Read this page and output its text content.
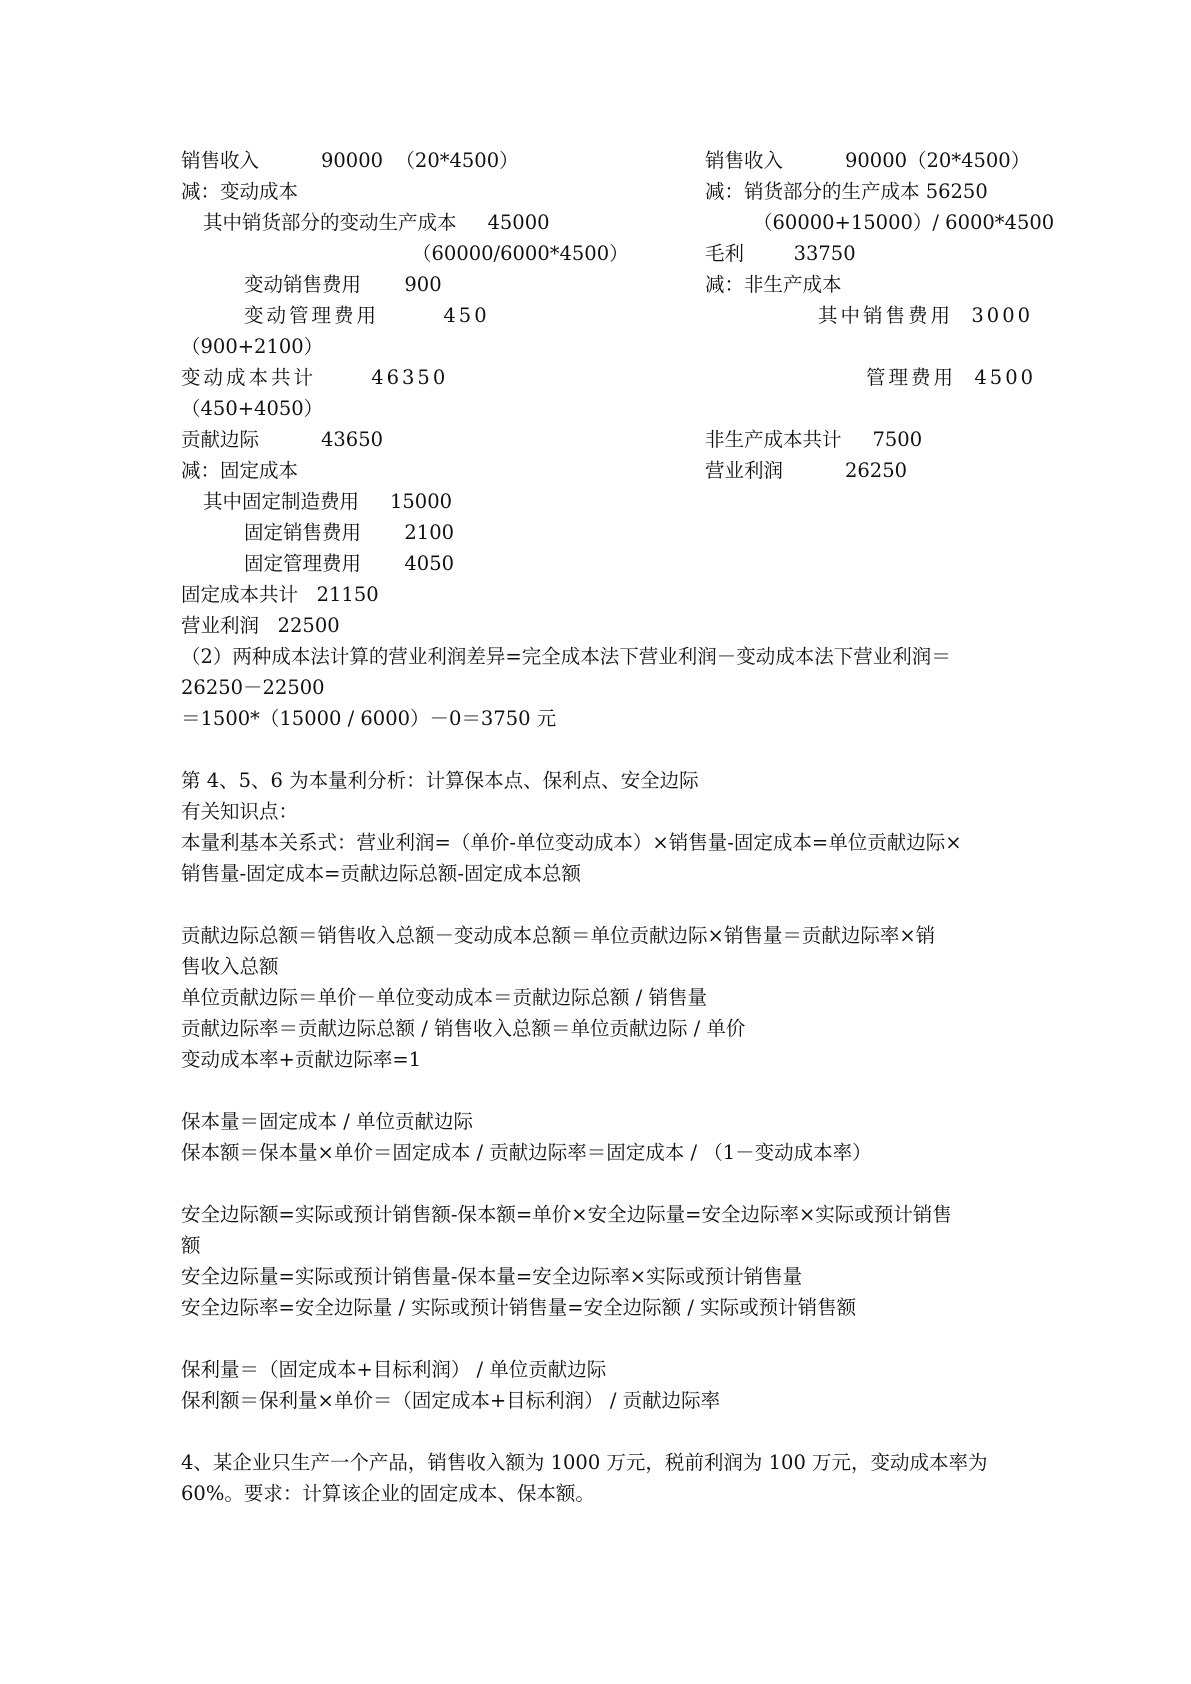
销售收入          90000  （20*4500）
减：变动成本
其中销货部分的变动生产成本     45000
（60000/6000*4500）
变动销售费用       900
变动管理费用       450
（900+2100）
变动成本共计      46350
（450+4050）
贡献边际          43650
减：固定成本
其中固定制造费用     15000
固定销售费用       2100
固定管理费用       4050
固定成本共计   21150
营业利润   22500
销售收入          90000（20*4500）
减：销货部分的生产成本 56250
（60000+15000）/ 6000*4500
毛利        33750
减：非生产成本
其中销售费用  3000
管理费用  4500
非生产成本共计     7500
营业利润          26250
（2）两种成本法计算的营业利润差异=完全成本法下营业利润－变动成本法下营业利润＝
26250－22500
＝1500*（15000 / 6000）－0＝3750 元
第 4、5、6 为本量利分析：计算保本点、保利点、安全边际
有关知识点：
本量利基本关系式：营业利润=（单价-单位变动成本）×销售量-固定成本=单位贡献边际×
销售量-固定成本=贡献边际总额-固定成本总额
贡献边际总额＝销售收入总额－变动成本总额＝单位贡献边际×销售量＝贡献边际率×销
售收入总额
单位贡献边际＝单价－单位变动成本＝贡献边际总额 / 销售量
贡献边际率＝贡献边际总额 / 销售收入总额＝单位贡献边际 / 单价
变动成本率+贡献边际率=1
保本量＝固定成本 / 单位贡献边际
保本额＝保本量×单价＝固定成本 / 贡献边际率＝固定成本 / （1－变动成本率）
安全边际额=实际或预计销售额-保本额=单价×安全边际量=安全边际率×实际或预计销售
额
安全边际量=实际或预计销售量-保本量=安全边际率×实际或预计销售量
安全边际率=安全边际量 / 实际或预计销售量=安全边际额 / 实际或预计销售额
保利量＝（固定成本+目标利润） / 单位贡献边际
保利额＝保利量×单价＝（固定成本+目标利润） / 贡献边际率
4、某企业只生产一个产品，销售收入额为 1000 万元，税前利润为 100 万元，变动成本率为
60%。要求：计算该企业的固定成本、保本额。
